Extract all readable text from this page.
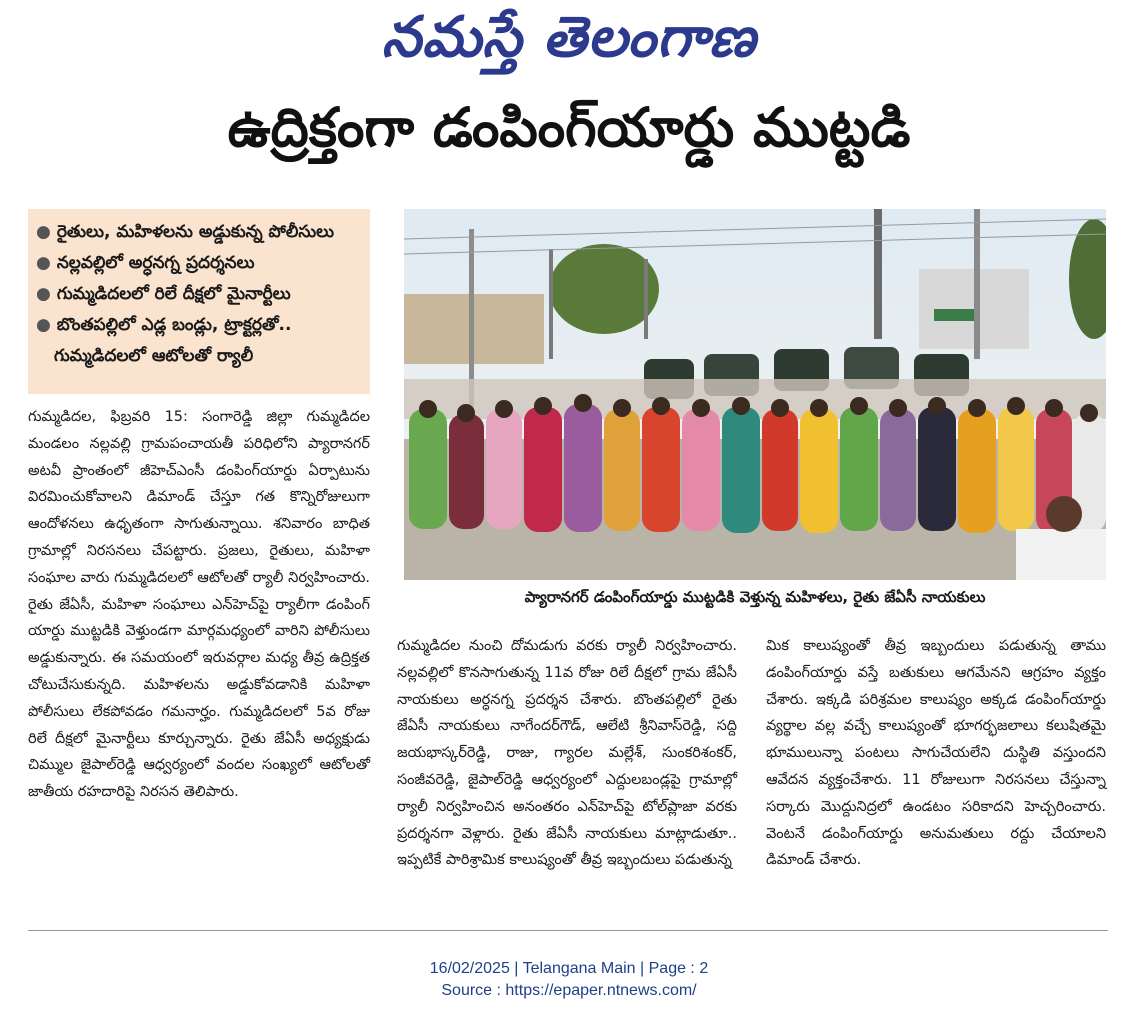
నమస్తే తెలంగాణ
ఉద్రిక్తంగా డంపింగ్‌యార్డు ముట్టడి
● రైతులు, మహిళలను అడ్డుకున్న పోలీసులు
● నల్లవల్లిలో అర్ధనగ్న ప్రదర్శనలు
● గుమ్మడిదలలో రిలే దీక్షలో మైనార్టీలు
● బొంతపల్లిలో ఎడ్ల బండ్లు, ట్రాక్టర్లతో..
గుమ్మడిదలలో ఆటోలతో ర్యాలీ
ప్యారానగర్ డంపింగ్‌యార్డు ముట్టడికి వెళ్తున్న మహిళలు, రైతు జేఏసీ నాయకులు

గుమ్మడిదల, ఫిబ్రవరి 15: సంగారెడ్డి జిల్లా గుమ్మడిదల మండలం నల్లవల్లి గ్రామపంచాయతీ పరిధిలోని ప్యారానగర్ అటవీ ప్రాంతంలో జీహెచ్‌ఎంసీ డంపింగ్‌యార్డు ఏర్పాటును విరమించుకోవాలని డిమాండ్ చేస్తూ గత కొన్నిరోజులుగా ఆందోళనలు ఉధృతంగా సాగుతున్నాయి. శనివారం బాధిత గ్రామాల్లో నిరసనలు చేపట్టారు. ప్రజలు, రైతులు, మహిళా సంఘాల వారు గుమ్మడిదలలో ఆటోలతో ర్యాలీ నిర్వహించారు. రైతు జేఏసీ, మహిళా సంఘాలు ఎన్‌హెచ్‌పై ర్యాలీగా డంపింగ్ యార్డు ముట్టడికి వెళ్తుండగా మార్గమధ్యంలో వారిని పోలీసులు అడ్డుకున్నారు. ఈ సమయంలో ఇరువర్గాల మధ్య తీవ్ర ఉద్రిక్తత చోటుచేసుకున్నది. మహిళలను అడ్డుకోవడానికి మహిళా పోలీసులు లేకపోవడం గమనార్హం. గుమ్మడిదలలో 5వ రోజు రిలే దీక్షలో మైనార్టీలు కూర్చున్నారు. రైతు జేఏసీ అధ్యక్షుడు చిమ్ముల జైపాల్‌రెడ్డి ఆధ్వర్యంలో వందల సంఖ్యలో ఆటోలతో జాతీయ రహదారిపై నిరసన తెలిపారు.

గుమ్మడిదల నుంచి దోమడుగు వరకు ర్యాలీ నిర్వహించారు. నల్లవల్లిలో కొనసాగుతున్న 11వ రోజు రిలే దీక్షలో గ్రామ జేఏసీ నాయకులు అర్ధనగ్న ప్రదర్శన చేశారు. బొంతపల్లిలో రైతు జేఏసీ నాయకులు నాగేందర్‌గౌడ్, ఆలేటి శ్రీనివాస్‌రెడ్డి, సద్ది జయభాస్కర్‌రెడ్డి, రాజు, గ్యారల మల్లేశ్, సుంకరిశంకర్, సంజీవరెడ్డి, జైపాల్‌రెడ్డి ఆధ్వర్యంలో ఎద్దులబండ్లపై గ్రామాల్లో ర్యాలీ నిర్వహించిన అనంతరం ఎన్‌హెచ్‌పై టోల్‌ప్లాజా వరకు ప్రదర్శనగా వెళ్లారు. రైతు జేఏసీ నాయకులు మాట్లాడుతూ.. ఇప్పటికే పారిశ్రామిక కాలుష్యంతో తీవ్ర ఇబ్బందులు పడుతున్న

మిక కాలుష్యంతో తీవ్ర ఇబ్బందులు పడుతున్న తాము డంపింగ్‌యార్డు వస్తే బతుకులు ఆగమేనని ఆగ్రహం వ్యక్తం చేశారు. ఇక్కడి పరిశ్రమల కాలుష్యం అక్కడ డంపింగ్‌యార్డు వ్యర్థాల వల్ల వచ్చే కాలుష్యంతో భూగర్భజలాలు కలుషితమై భూములున్నా పంటలు సాగుచేయలేని దుస్థితి వస్తుందని ఆవేదన వ్యక్తంచేశారు. 11 రోజులుగా నిరసనలు చేస్తున్నా సర్కారు మొద్దునిద్రలో ఉండటం సరికాదని హెచ్చరించారు. వెంటనే డంపింగ్‌యార్డు అనుమతులు రద్దు చేయాలని డిమాండ్ చేశారు.

16/02/2025 | Telangana Main | Page : 2
Source : https://epaper.ntnews.com/
